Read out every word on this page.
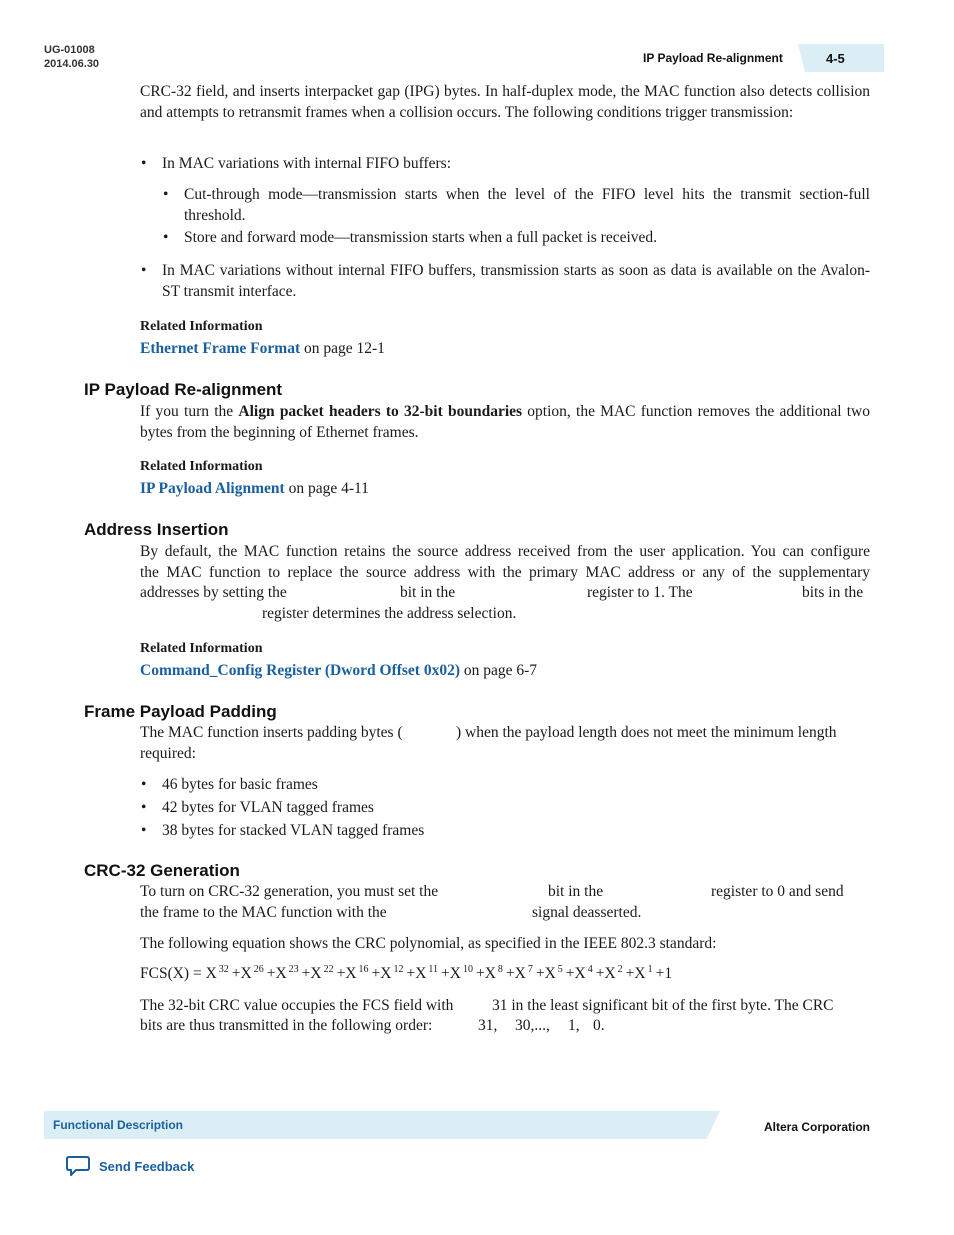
UG-01008
2014.06.30	IP Payload Re-alignment	4-5
CRC-32 field, and inserts interpacket gap (IPG) bytes. In half-duplex mode, the MAC function also detects collision and attempts to retransmit frames when a collision occurs. The following conditions trigger transmission:
• In MAC variations with internal FIFO buffers:
• Cut-through mode—transmission starts when the level of the FIFO level hits the transmit section-full threshold.
• Store and forward mode—transmission starts when a full packet is received.
• In MAC variations without internal FIFO buffers, transmission starts as soon as data is available on the Avalon-ST transmit interface.
Related Information
Ethernet Frame Format on page 12-1
IP Payload Re-alignment
If you turn the Align packet headers to 32-bit boundaries option, the MAC function removes the additional two bytes from the beginning of Ethernet frames.
Related Information
IP Payload Alignment on page 4-11
Address Insertion
By default, the MAC function retains the source address received from the user application. You can configure
the MAC function to replace the source address with the primary MAC address or any of the supplementary
addresses by setting the	bit in the	register to 1. The	bits in the
register determines the address selection.
Related Information
Command_Config Register (Dword Offset 0x02) on page 6-7
Frame Payload Padding
The MAC function inserts padding bytes (	) when the payload length does not meet the minimum length
required:
• 46 bytes for basic frames
• 42 bytes for VLAN tagged frames
• 38 bytes for stacked VLAN tagged frames
CRC-32 Generation
To turn on CRC-32 generation, you must set the	bit in the	register to 0 and send
the frame to the MAC function with the	signal deasserted.
The following equation shows the CRC polynomial, as specified in the IEEE 802.3 standard:
FCS(X) = X $^{32}$ +X $^{26}$ +X $^{23}$ +X $^{22}$ +X $^{16}$ +X $^{12}$ +X $^{11}$ +X $^{10}$ +X $^8$ +X $^7$ +X $^5$ +X $^4$ +X $^2$ +X $^1$ +1
The 32-bit CRC value occupies the FCS field with 31 in the least significant bit of the first byte. The CRC
bits are thus transmitted in the following order:	31, 30,..., 1, 0.
Functional Description	Altera Corporation
Send Feedback
